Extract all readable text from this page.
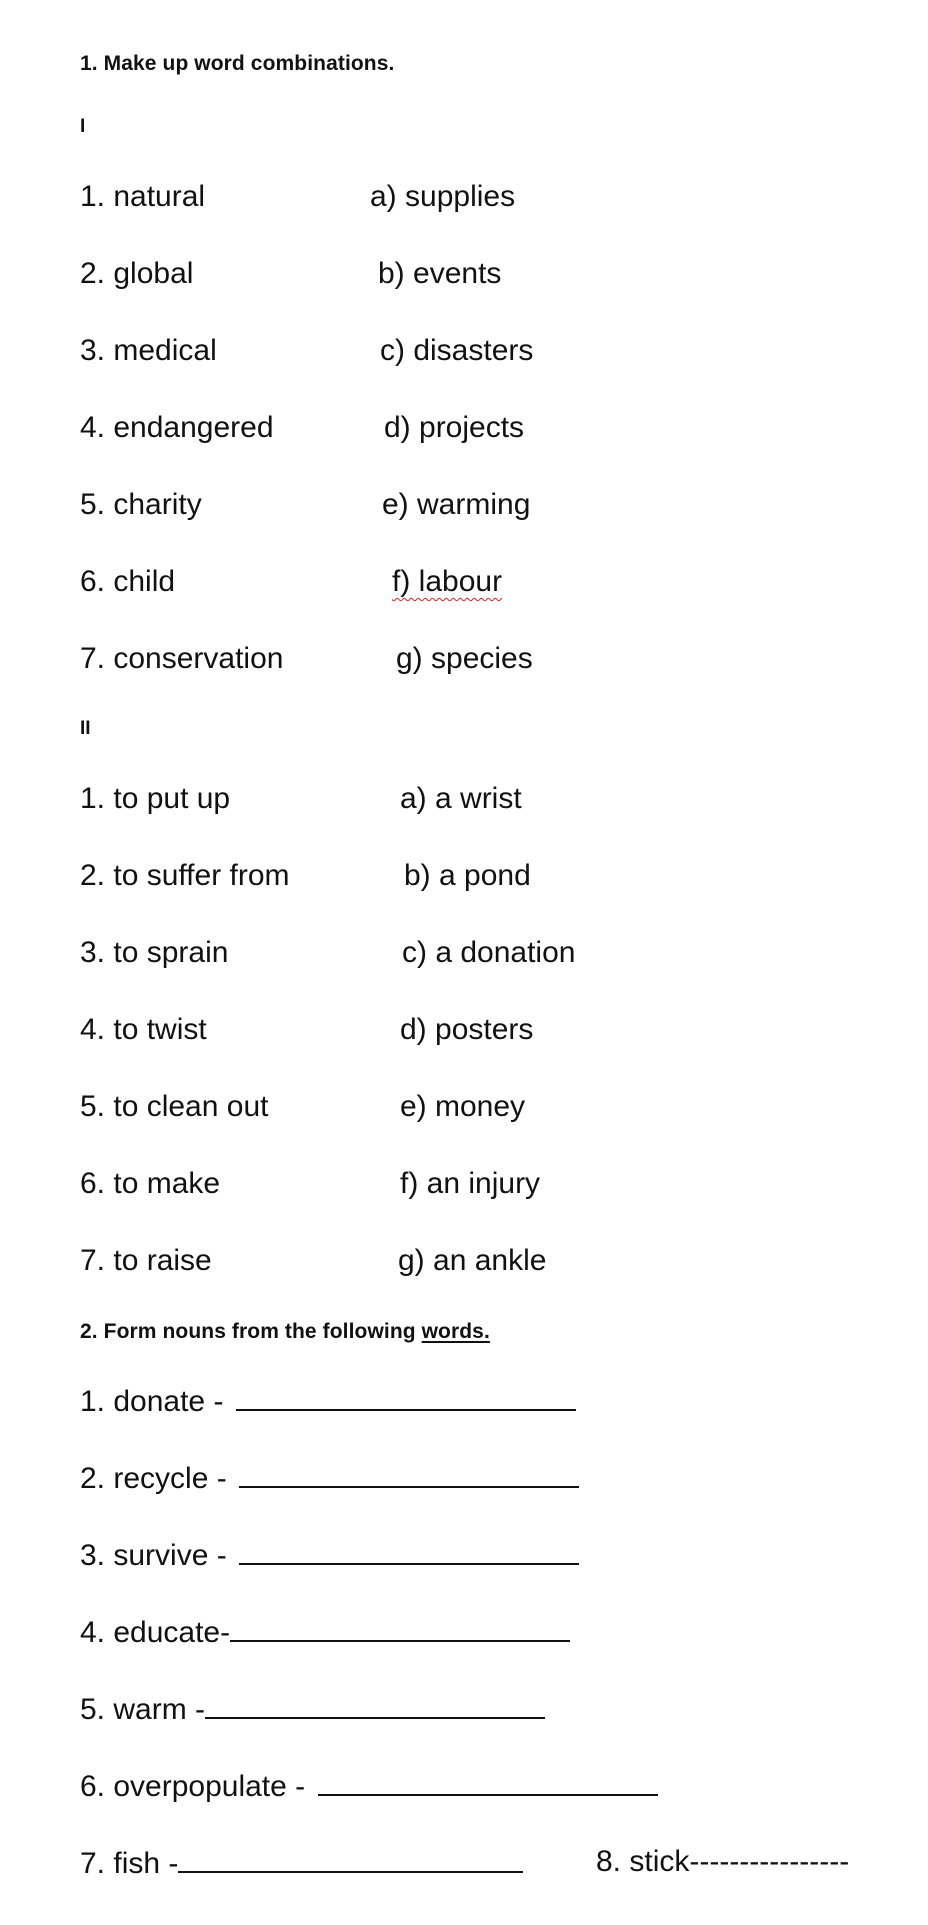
1. Make up word combinations.
I
1. natural
2. global
3. medical
4. endangered
5. charity
6. child
7. conservation
a) supplies
b) events
c) disasters
d) projects
e) warming
f) labour
g) species
II
1. to put up
2. to suffer from
3. to sprain
4. to twist
5. to clean out
6. to make
7. to raise
a) a wrist
b) a pond
c) a donation
d) posters
e) money
f) an injury
g) an ankle
2. Form nouns from the following words.
1. donate -
2. recycle -
3. survive -
4. educate-
5. warm -
6. overpopulate -
7. fish -	8. stick----------------
